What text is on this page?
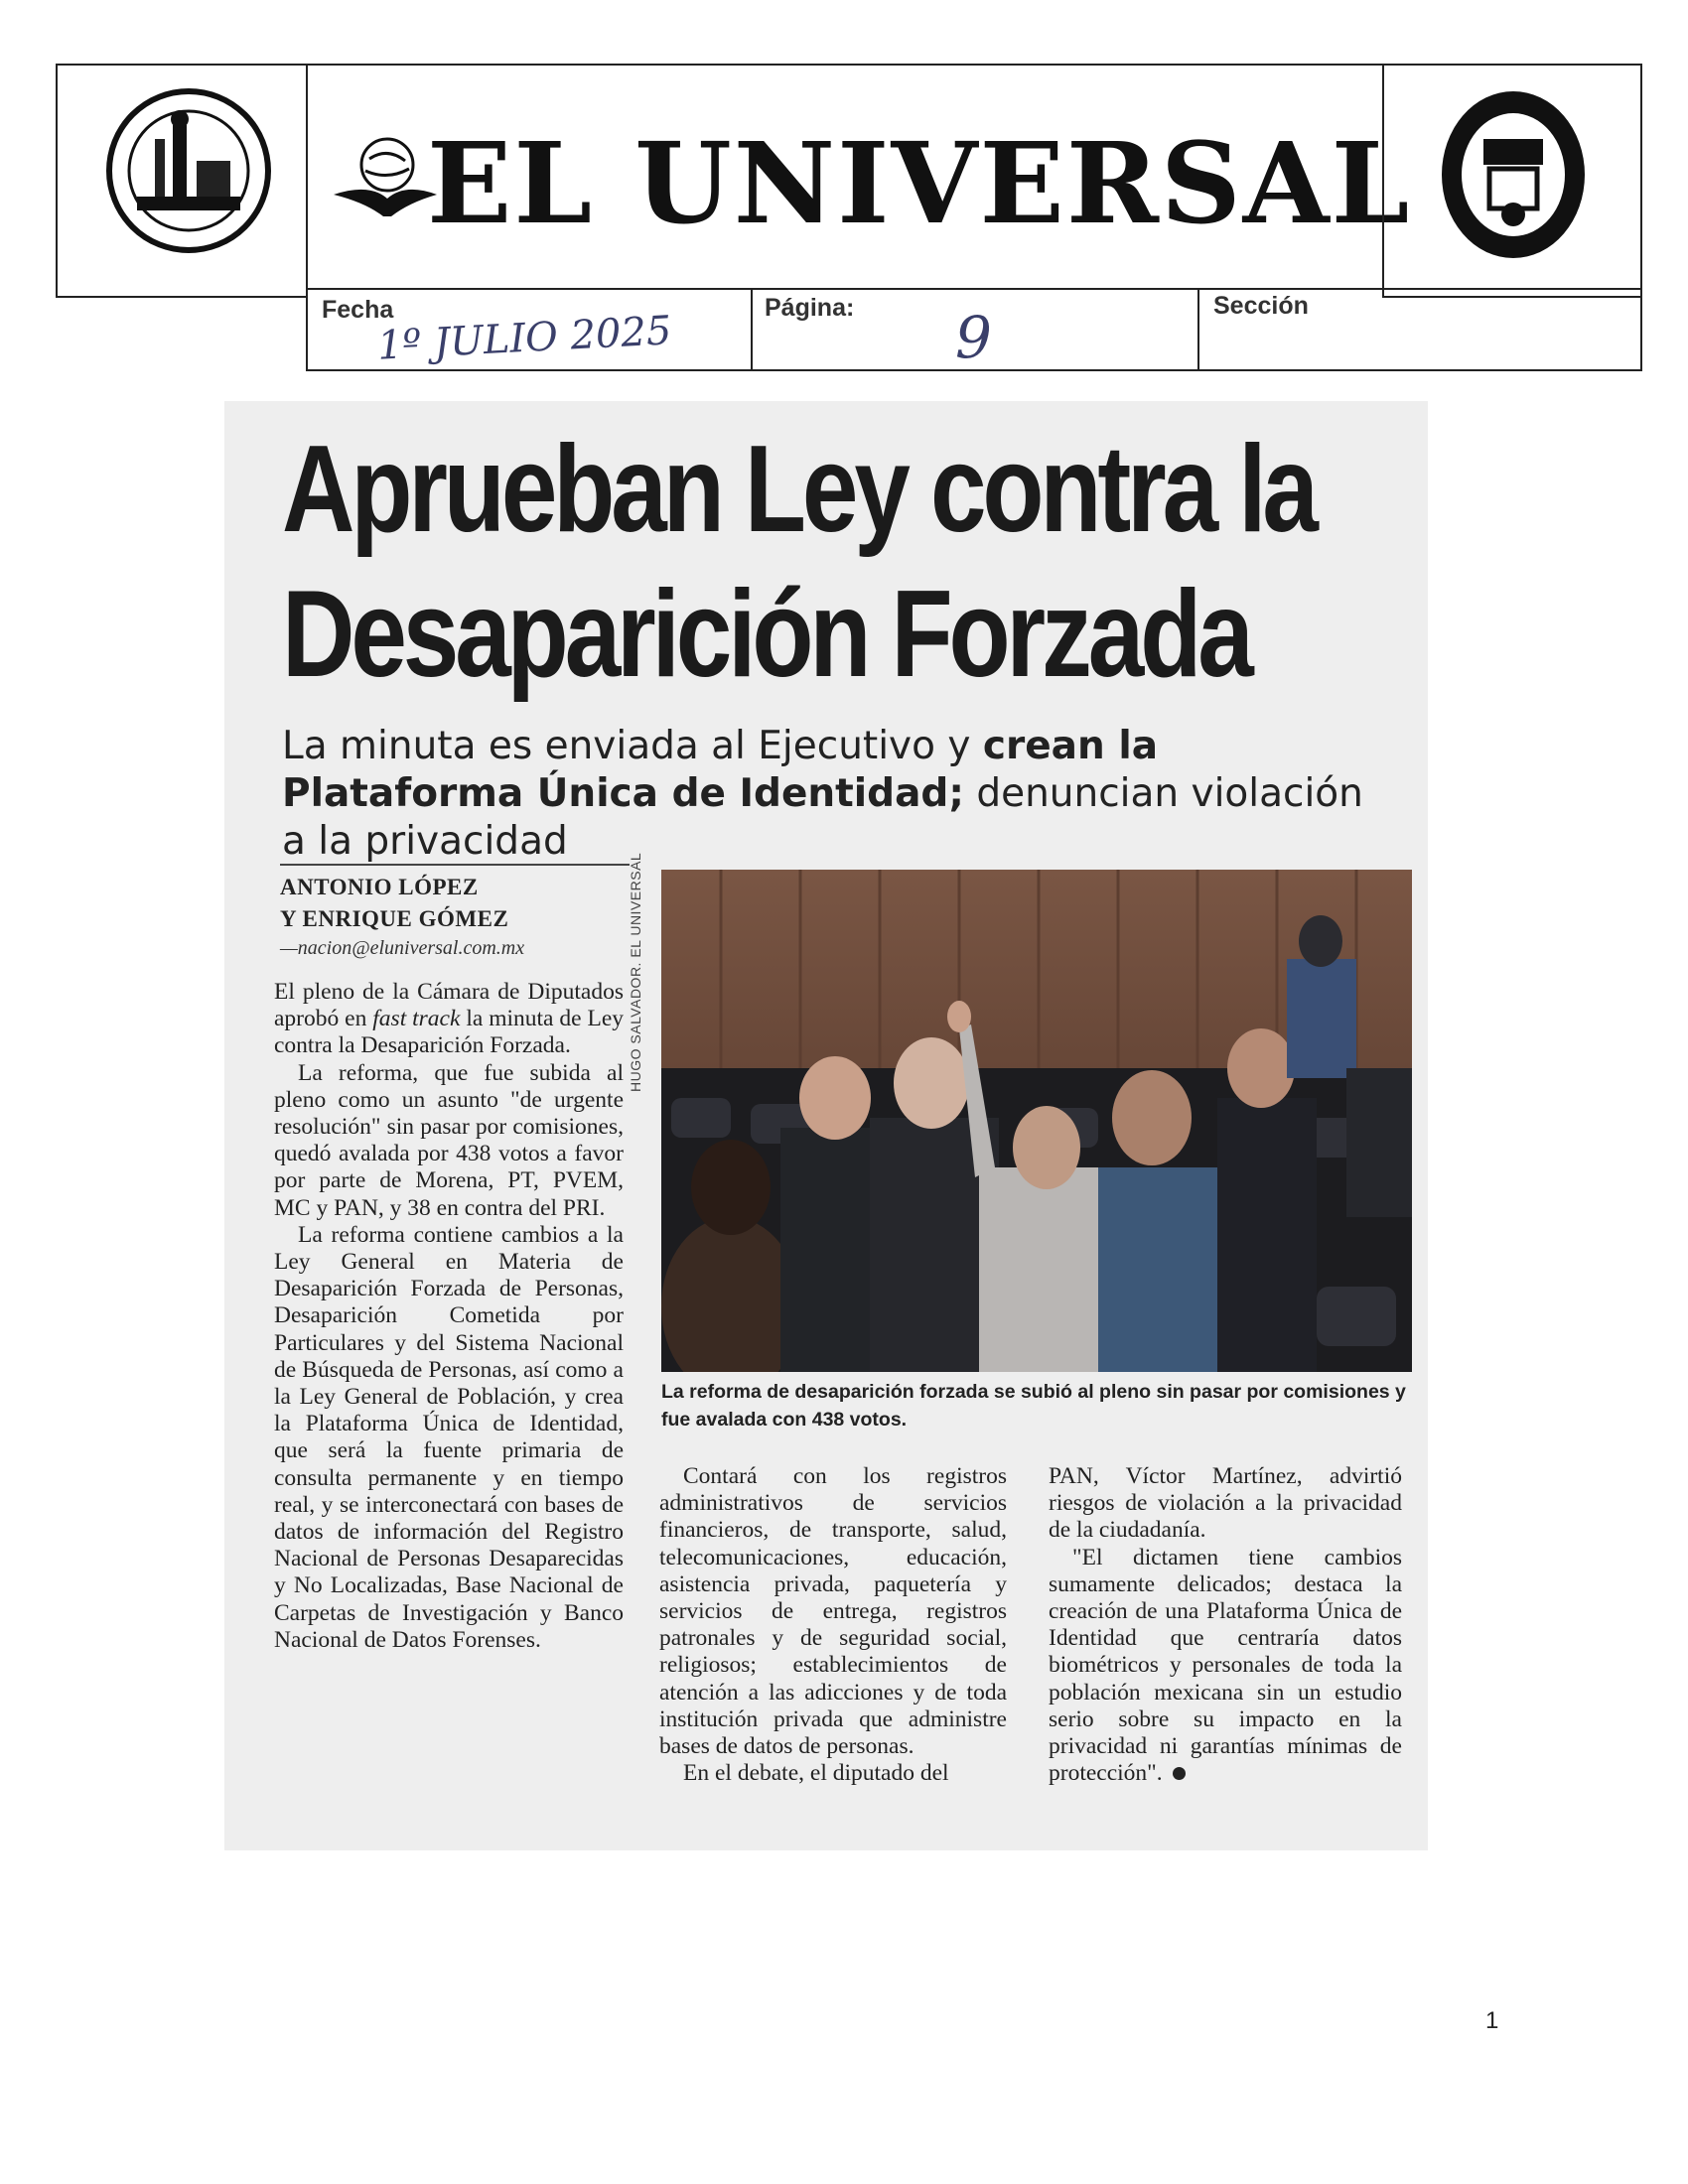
EL UNIVERSAL
Fecha
1º JULIO 2025
Página: 9	Sección
Aprueban Ley contra la
Desaparición Forzada
La minuta es enviada al Ejecutivo y crean la Plataforma Única de Identidad; denuncian violación a la privacidad
ANTONIO LÓPEZ
Y ENRIQUE GÓMEZ
—nacion@eluniversal.com.mx

El pleno de la Cámara de Diputados aprobó en fast track la minuta de Ley contra la Desaparición Forzada.

La reforma, que fue subida al pleno como un asunto "de urgente resolución" sin pasar por comisiones, quedó avalada por 438 votos a favor por parte de Morena, PT, PVEM, MC y PAN, y 38 en contra del PRI.

La reforma contiene cambios a la Ley General en Materia de Desaparición Forzada de Personas, Desaparición Cometida por Particulares y del Sistema Nacional de Búsqueda de Personas, así como a la Ley General de Población, y crea la Plataforma Única de Identidad, que será la fuente primaria de consulta permanente y en tiempo real, y se interconectará con bases de datos de información del Registro Nacional de Personas Desaparecidas y No Localizadas, Base Nacional de Carpetas de Investigación y Banco Nacional de Datos Forenses.

HUGO SALVADOR. EL UNIVERSAL
La reforma de desaparición forzada se subió al pleno sin pasar por comisiones y fue avalada con 438 votos.

Contará con los registros administrativos de servicios financieros, de transporte, salud, telecomunicaciones, educación, asistencia privada, paquetería y servicios de entrega, registros patronales y de seguridad social, religiosos; establecimientos de atención a las adicciones y de toda institución privada que administre bases de datos de personas.

En el debate, el diputado del

PAN, Víctor Martínez, advirtió riesgos de violación a la privacidad de la ciudadanía.

"El dictamen tiene cambios sumamente delicados; destaca la creación de una Plataforma Única de Identidad que centraría datos biométricos y personales de toda la población mexicana sin un estudio serio sobre su impacto en la privacidad ni garantías mínimas de protección".

1
